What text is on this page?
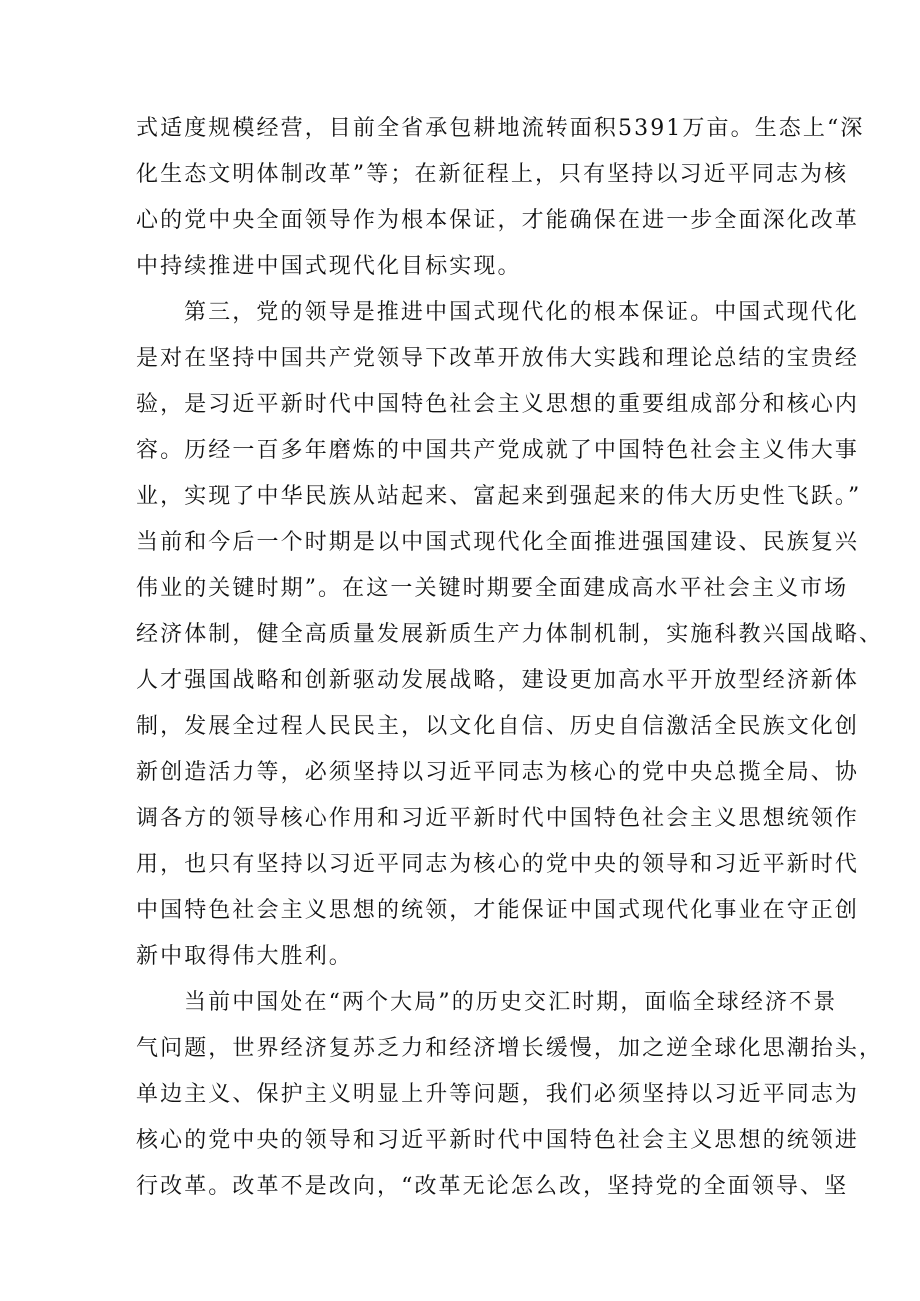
式适度规模经营，目前全省承包耕地流转面积5391万亩。生态上“深
化生态文明体制改革”等；在新征程上，只有坚持以习近平同志为核
心的党中央全面领导作为根本保证，才能确保在进一步全面深化改革
中持续推进中国式现代化目标实现。
第三，党的领导是推进中国式现代化的根本保证。中国式现代化
是对在坚持中国共产党领导下改革开放伟大实践和理论总结的宝贵经
验，是习近平新时代中国特色社会主义思想的重要组成部分和核心内
容。历经一百多年磨炼的中国共产党成就了中国特色社会主义伟大事
业，实现了中华民族从站起来、富起来到强起来的伟大历史性飞跃。”
当前和今后一个时期是以中国式现代化全面推进强国建设、民族复兴
伟业的关键时期”。在这一关键时期要全面建成高水平社会主义市场
经济体制，健全高质量发展新质生产力体制机制，实施科教兴国战略、
人才强国战略和创新驱动发展战略，建设更加高水平开放型经济新体
制，发展全过程人民民主，以文化自信、历史自信激活全民族文化创
新创造活力等，必须坚持以习近平同志为核心的党中央总揽全局、协
调各方的领导核心作用和习近平新时代中国特色社会主义思想统领作
用，也只有坚持以习近平同志为核心的党中央的领导和习近平新时代
中国特色社会主义思想的统领，才能保证中国式现代化事业在守正创
新中取得伟大胜利。
当前中国处在“两个大局”的历史交汇时期，面临全球经济不景
气问题，世界经济复苏乏力和经济增长缓慢，加之逆全球化思潮抬头，
单边主义、保护主义明显上升等问题，我们必须坚持以习近平同志为
核心的党中央的领导和习近平新时代中国特色社会主义思想的统领进
行改革。改革不是改向，“改革无论怎么改，坚持党的全面领导、坚
